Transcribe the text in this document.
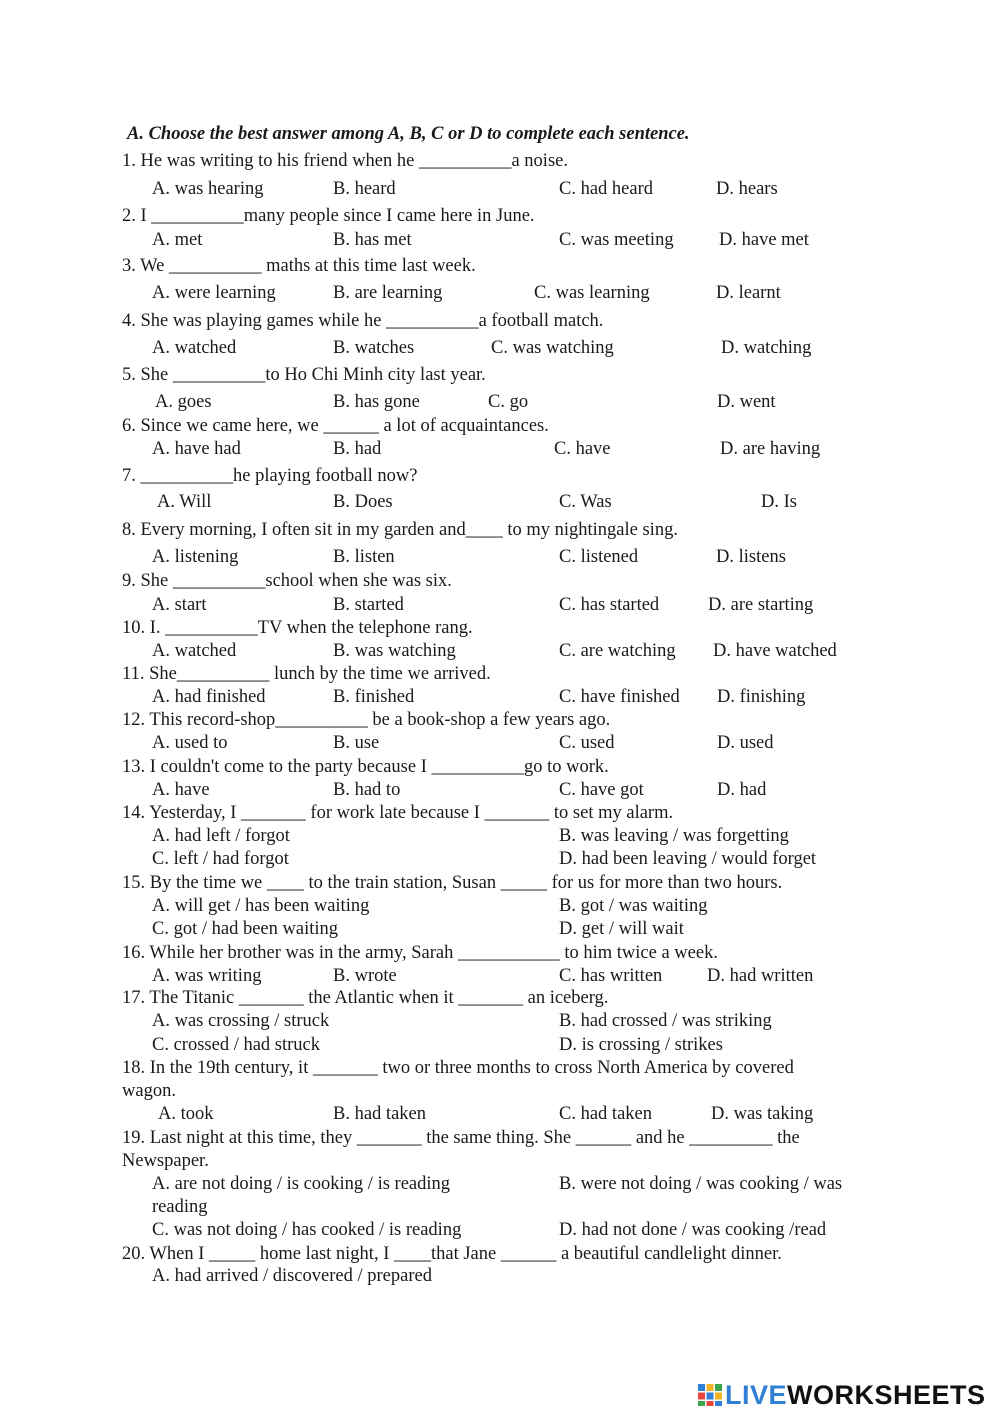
A. Choose the best answer among A, B, C or D to complete each sentence.
1. He was writing to his friend when he __________a noise.
A. was hearing	B. heard	C. had heard	D. hears
2. I __________many people since I came here in June.
A. met	B. has met	C. was meeting D. have met
3. We __________ maths at this time last week.
A. were learning	B. are learning	C. was learning	D. learnt
4. She was playing games while he __________a football match.
A. watched	B. watches	C. was watching	D. watching
5. She __________to Ho Chi Minh city last year.
A. goes	B. has gone	C. go	D. went
6. Since we came here, we ______ a lot of acquaintances.
A. have had	B. had	C. have	D. are having
7. __________he playing football now?
A. Will	B. Does	C. Was	D. Is
8. Every morning, I often sit in my garden and____ to my nightingale sing.
A. listening	B. listen	C. listened	D. listens
9. She __________school when she was six.
A. start	B. started	C. has started	D. are starting
10. I. __________TV when the telephone rang.
A. watched	B. was watching	C. are watching D. have watched
11. She__________ lunch by the time we arrived.
A. had finished	B. finished	C. have finished D. finishing
12. This record-shop__________ be a book-shop a few years ago.
A. used to	B. use	C. used	D. used
13. I couldn't come to the party because I __________go to work.
A. have	B. had to	C. have got	D. had
14. Yesterday, I _______ for work late because I _______ to set my alarm.
A. had left / forgot	B. was leaving / was forgetting
C. left / had forgot	D. had been leaving / would forget
15. By the time we ____ to the train station, Susan _____ for us for more than two hours.
A. will get / has been waiting	B. got / was waiting
C. got / had been waiting	D. get / will wait
16. While her brother was in the army, Sarah ___________ to him twice a week.
A. was writing	B. wrote	C. has written D. had written
17. The Titanic _______ the Atlantic when it _______ an iceberg.
A. was crossing / struck	B. had crossed / was striking
C. crossed / had struck	D. is crossing / strikes
18. In the 19th century, it _______ two or three months to cross North America by covered
wagon.
A. took	B. had taken	C. had taken	D. was taking
19. Last night at this time, they _______ the same thing. She ______ and he _________ the
Newspaper.
A. are not doing / is cooking / is reading	B. were not doing / was cooking / was
reading
C. was not doing / has cooked / is reading	D. had not done / was cooking /read
20. When I _____ home last night, I ____that Jane ______ a beautiful candlelight dinner.
A. had arrived / discovered / prepared
LIVEWORKSHEETS
